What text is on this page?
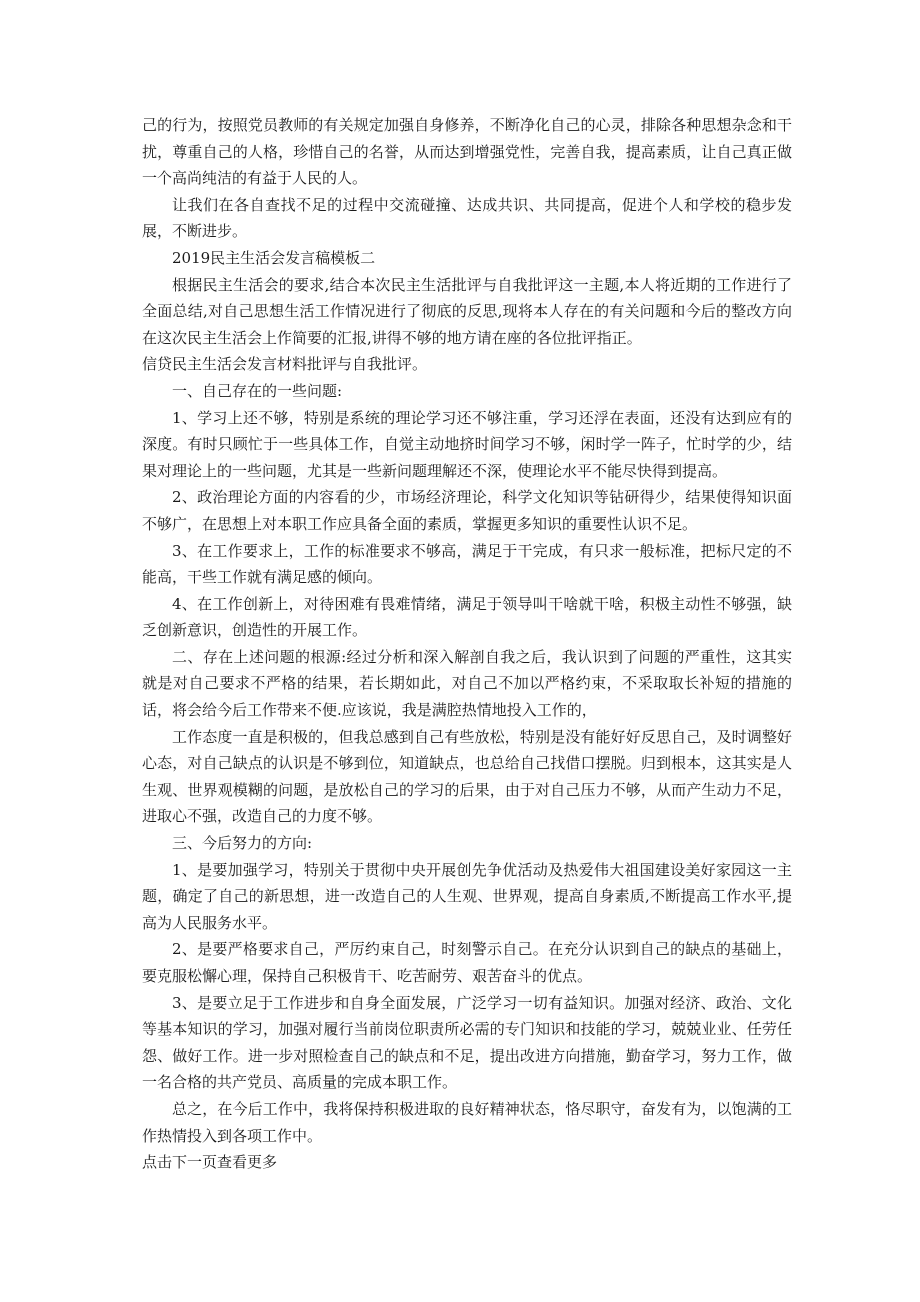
己的行为，按照党员教师的有关规定加强自身修养，不断净化自己的心灵，排除各种思想杂念和干扰，尊重自己的人格，珍惜自己的名誉，从而达到增强党性，完善自我，提高素质，让自己真正做一个高尚纯洁的有益于人民的人。

让我们在各自查找不足的过程中交流碰撞、达成共识、共同提高，促进个人和学校的稳步发展，不断进步。

2019民主生活会发言稿模板二

根据民主生活会的要求,结合本次民主生活批评与自我批评这一主题,本人将近期的工作进行了全面总结,对自己思想生活工作情况进行了彻底的反思,现将本人存在的有关问题和今后的整改方向在这次民主生活会上作简要的汇报,讲得不够的地方请在座的各位批评指正。

信贷民主生活会发言材料批评与自我批评。

一、自己存在的一些问题:

1、学习上还不够，特别是系统的理论学习还不够注重，学习还浮在表面，还没有达到应有的深度。有时只顾忙于一些具体工作，自觉主动地挤时间学习不够，闲时学一阵子，忙时学的少，结果对理论上的一些问题，尤其是一些新问题理解还不深，使理论水平不能尽快得到提高。

2、政治理论方面的内容看的少，市场经济理论，科学文化知识等钻研得少，结果使得知识面不够广，在思想上对本职工作应具备全面的素质，掌握更多知识的重要性认识不足。

3、在工作要求上，工作的标准要求不够高，满足于干完成，有只求一般标准，把标尺定的不能高，干些工作就有满足感的倾向。

4、在工作创新上，对待困难有畏难情绪，满足于领导叫干啥就干啥，积极主动性不够强，缺乏创新意识，创造性的开展工作。

二、存在上述问题的根源:经过分析和深入解剖自我之后，我认识到了问题的严重性，这其实就是对自己要求不严格的结果，若长期如此，对自己不加以严格约束，不采取取长补短的措施的话，将会给今后工作带来不便.应该说，我是满腔热情地投入工作的，

工作态度一直是积极的，但我总感到自己有些放松，特别是没有能好好反思自己，及时调整好心态，对自己缺点的认识是不够到位，知道缺点，也总给自己找借口摆脱。归到根本，这其实是人生观、世界观模糊的问题，是放松自己的学习的后果，由于对自己压力不够，从而产生动力不足，进取心不强，改造自己的力度不够。

三、今后努力的方向:

1、是要加强学习，特别关于贯彻中央开展创先争优活动及热爱伟大祖国建设美好家园这一主题，确定了自己的新思想，进一改造自己的人生观、世界观，提高自身素质,不断提高工作水平,提高为人民服务水平。

2、是要严格要求自己，严厉约束自己，时刻警示自己。在充分认识到自己的缺点的基础上，要克服松懈心理，保持自己积极肯干、吃苦耐劳、艰苦奋斗的优点。

3、是要立足于工作进步和自身全面发展，广泛学习一切有益知识。加强对经济、政治、文化等基本知识的学习，加强对履行当前岗位职责所必需的专门知识和技能的学习，兢兢业业、任劳任怨、做好工作。进一步对照检查自己的缺点和不足，提出改进方向措施，勤奋学习，努力工作，做一名合格的共产党员、高质量的完成本职工作。

总之，在今后工作中，我将保持积极进取的良好精神状态，恪尽职守，奋发有为，以饱满的工作热情投入到各项工作中。

点击下一页查看更多
